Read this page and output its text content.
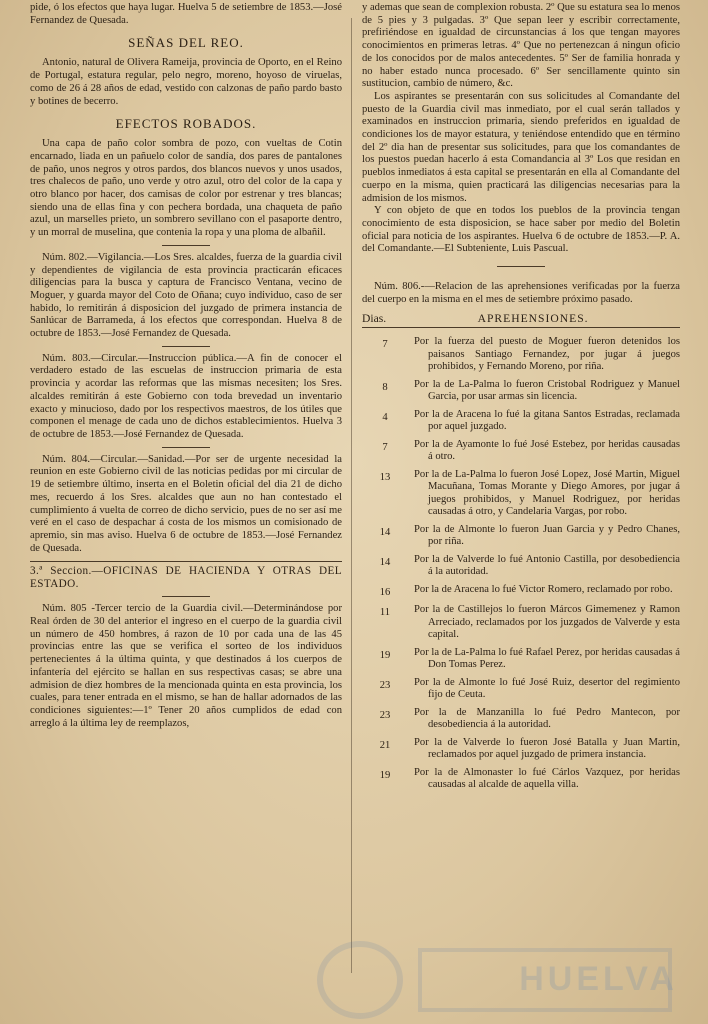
pide, ó los efectos que haya lugar. Huelva 5 de setiembre de 1853.—José Fernandez de Quesada.

SEÑAS DEL REO.

Antonio, natural de Olivera Rameija, provincia de Oporto, en el Reino de Portugal, estatura regular, pelo negro, moreno, hoyoso de viruelas, como de 26 á 28 años de edad, vestido con calzonas de paño pardo basto y botines de becerro.

EFECTOS ROBADOS.

Una capa de paño color sombra de pozo, con vueltas de Cotin encarnado, liada en un pañuelo color de sandía, dos pares de pantalones de paño, unos negros y otros pardos, dos blancos nuevos y unos usados, tres chalecos de paño, uno verde y otro azul, otro del color de la capa y otro blanco por hacer, dos camisas de color por estrenar y tres blancas; siendo una de ellas fina y con pechera bordada, una chaqueta de paño azul, un marselles prieto, un sombrero sevillano con el pasaporte dentro, y un morral de muselina, que contenia la ropa y una ploma de albañil.

Núm. 802.—Vigilancia.—Los Sres. alcaldes, fuerza de la guardia civil y dependientes de vigilancia de esta provincia practicarán eficaces diligencias para la busca y captura de Francisco Ventana, vecino de Moguer, y guarda mayor del Coto de Oñana; cuyo individuo, caso de ser habido, lo remitirán á disposicion del juzgado de primera instancia de Sanlúcar de Barrameda, á los efectos que correspondan. Huelva 8 de octubre de 1853.—José Fernandez de Quesada.

Núm. 803.—Circular.—Instruccion pública.—A fin de conocer el verdadero estado de las escuelas de instruccion primaria de esta provincia y acordar las reformas que las mismas necesiten; los Sres. alcaldes remitirán á este Gobierno con toda brevedad un inventario exacto y minucioso, dado por los respectivos maestros, de los útiles que componen el menage de cada uno de dichos establecimientos. Huelva 3 de octubre de 1853.—José Fernandez de Quesada.

Núm. 804.—Circular.—Sanidad.—Por ser de urgente necesidad la reunion en este Gobierno civil de las noticias pedidas por mi circular de 19 de setiembre último, inserta en el Boletin oficial del dia 21 de dicho mes, recuerdo á los Sres. alcaldes que aun no han contestado el cumplimiento á vuelta de correo de dicho servicio, pues de no ser así me veré en el caso de despachar á costa de los mismos un comisionado de apremio, sin mas aviso. Huelva 6 de octubre de 1853.—José Fernandez de Quesada.

3.ª Seccion.—OFICINAS DE HACIENDA Y OTRAS DEL ESTADO.

Núm. 805 -Tercer tercio de la Guardia civil.—Determinándose por Real órden de 30 del anterior el ingreso en el cuerpo de la guardia civil un número de 450 hombres, á razon de 10 por cada una de las 45 provincias entre las que se verifica el sorteo de los individuos pertenecientes á la última quinta, y que destinados á los cuerpos de infantería del ejército se hallan en sus respectivas casas; se abre una admision de diez hombres de la mencionada quinta en esta provincia, los cuales, para tener entrada en el mismo, se han de hallar adornados de las condiciones siguientes:—1º Tener 20 años cumplidos de edad con arreglo á la última ley de reemplazos,

y ademas que sean de complexion robusta. 2º Que su estatura sea lo menos de 5 pies y 3 pulgadas. 3º Que sepan leer y escribir correctamente, prefiriéndose en igualdad de circunstancias á los que tengan mayores conocimientos en primeras letras. 4º Que no pertenezcan á ningun oficio de los conocidos por de malos antecedentes. 5º Ser de familia honrada y no haber estado nunca procesado. 6º Ser sencillamente quinto sin sustitucion, cambio de número, &c.

Los aspirantes se presentarán con sus solicitudes al Comandante del puesto de la Guardia civil mas inmediato, por el cual serán tallados y examinados en instruccion primaria, siendo preferidos en igualdad de condiciones los de mayor estatura, y teniéndose entendido que en término del 2º dia han de presentar sus solicitudes, para que los comandantes de los puestos puedan hacerlo á esta Comandancia al 3º Los que residan en pueblos inmediatos á esta capital se presentarán en ella al Comandante del cuerpo en la misma, quien practicará las diligencias necesarias para la admision de los mismos.

Y con objeto de que en todos los pueblos de la provincia tengan conocimiento de esta disposicion, se hace saber por medio del Boletin oficial para noticia de los aspirantes. Huelva 6 de octubre de 1853.—P. A. del Comandante.—El Subteniente, Luis Pascual.

Núm. 806.-—Relacion de las aprehensiones verificadas por la fuerza del cuerpo en la misma en el mes de setiembre próximo pasado.

Dias.	APREHENSIONES.
7	Por la fuerza del puesto de Moguer fueron detenidos los paisanos Santiago Fernandez, por jugar á juegos prohibidos, y Fernando Moreno, por riña.

8	Por la de La-Palma lo fueron Cristobal Rodriguez y Manuel Garcia, por usar armas sin licencia.

4	Por la de Aracena lo fué la gitana Santos Estradas, reclamada por aquel juzgado.

7	Por la de Ayamonte lo fué José Estebez, por heridas causadas á otro.

13	Por la de La-Palma lo fueron José Lopez, José Martin, Miguel Macuñana, Tomas Morante y Diego Amores, por jugar á juegos prohibidos, y Manuel Rodriguez, por heridas causadas á otro, y Candelaria Vargas, por robo.

14	Por la de Almonte lo fueron Juan Garcia y y Pedro Chanes, por riña.

14	Por la de Valverde lo fué Antonio Castilla, por desobediencia á la autoridad.

16	Por la de Aracena lo fué Victor Romero, reclamado por robo.

11	Por la de Castillejos lo fueron Márcos Gimemenez y Ramon Arreciado, reclamados por los juzgados de Valverde y esta capital.

19	Por la de La-Palma lo fué Rafael Perez, por heridas causadas á Don Tomas Perez.

23	Por la de Almonte lo fué José Ruiz, desertor del regimiento fijo de Ceuta.

23	Por la de Manzanilla lo fué Pedro Mantecon, por desobediencia á la autoridad.

21	Por la de Valverde lo fueron José Batalla y Juan Martin, reclamados por aquel juzgado de primera instancia.

19	Por la de Almonaster lo fué Cárlos Vazquez, por heridas causadas al alcalde de aquella villa.
HUELVA
